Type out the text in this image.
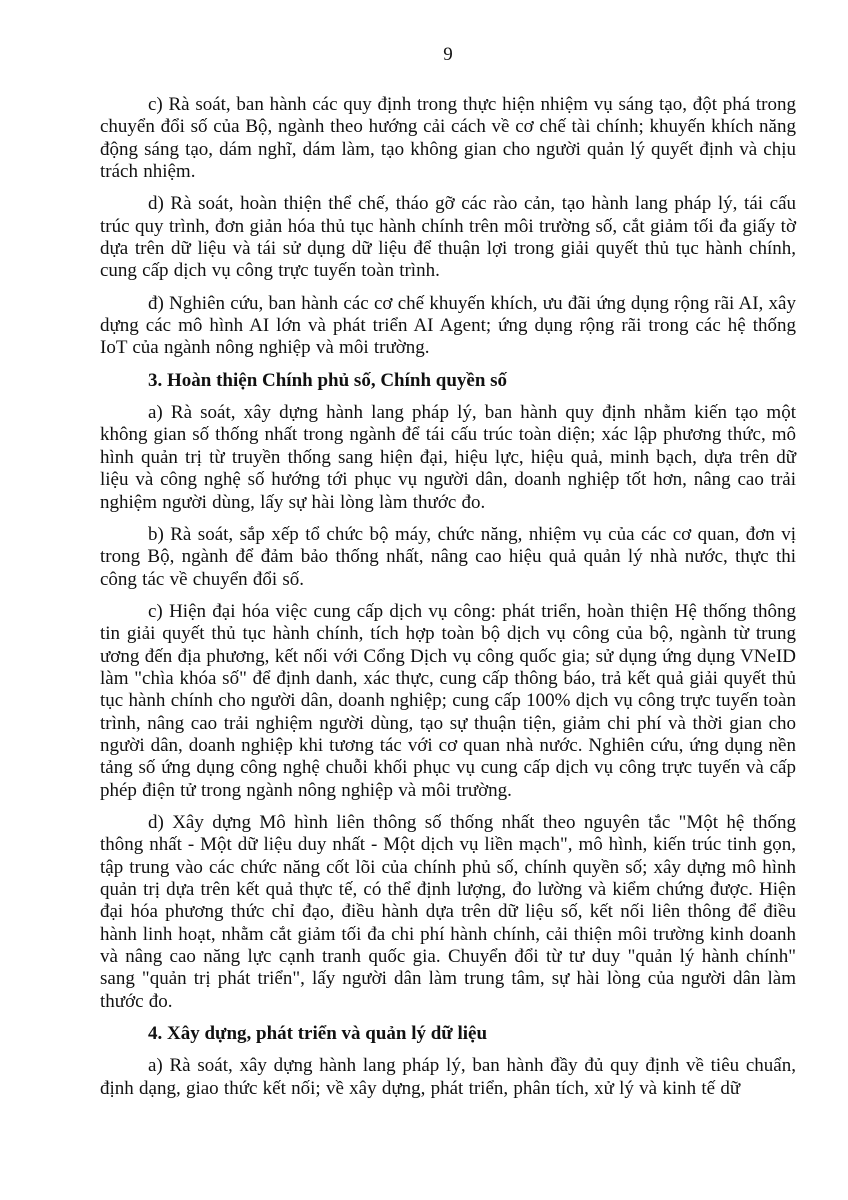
9

c) Rà soát, ban hành các quy định trong thực hiện nhiệm vụ sáng tạo, đột phá trong chuyển đổi số của Bộ, ngành theo hướng cải cách về cơ chế tài chính; khuyến khích năng động sáng tạo, dám nghĩ, dám làm, tạo không gian cho người quản lý quyết định và chịu trách nhiệm.

d) Rà soát, hoàn thiện thể chế, tháo gỡ các rào cản, tạo hành lang pháp lý, tái cấu trúc quy trình, đơn giản hóa thủ tục hành chính trên môi trường số, cắt giảm tối đa giấy tờ dựa trên dữ liệu và tái sử dụng dữ liệu để thuận lợi trong giải quyết thủ tục hành chính, cung cấp dịch vụ công trực tuyến toàn trình.

đ) Nghiên cứu, ban hành các cơ chế khuyến khích, ưu đãi ứng dụng rộng rãi AI, xây dựng các mô hình AI lớn và phát triển AI Agent; ứng dụng rộng rãi trong các hệ thống IoT của ngành nông nghiệp và môi trường.

3. Hoàn thiện Chính phủ số, Chính quyền số

a) Rà soát, xây dựng hành lang pháp lý, ban hành quy định nhằm kiến tạo một không gian số thống nhất trong ngành để tái cấu trúc toàn diện; xác lập phương thức, mô hình quản trị từ truyền thống sang hiện đại, hiệu lực, hiệu quả, minh bạch, dựa trên dữ liệu và công nghệ số hướng tới phục vụ người dân, doanh nghiệp tốt hơn, nâng cao trải nghiệm người dùng, lấy sự hài lòng làm thước đo.

b) Rà soát, sắp xếp tổ chức bộ máy, chức năng, nhiệm vụ của các cơ quan, đơn vị trong Bộ, ngành để đảm bảo thống nhất, nâng cao hiệu quả quản lý nhà nước, thực thi công tác về chuyển đổi số.

c) Hiện đại hóa việc cung cấp dịch vụ công: phát triển, hoàn thiện Hệ thống thông tin giải quyết thủ tục hành chính, tích hợp toàn bộ dịch vụ công của bộ, ngành từ trung ương đến địa phương, kết nối với Cổng Dịch vụ công quốc gia; sử dụng ứng dụng VNeID làm "chìa khóa số" để định danh, xác thực, cung cấp thông báo, trả kết quả giải quyết thủ tục hành chính cho người dân, doanh nghiệp; cung cấp 100% dịch vụ công trực tuyến toàn trình, nâng cao trải nghiệm người dùng, tạo sự thuận tiện, giảm chi phí và thời gian cho người dân, doanh nghiệp khi tương tác với cơ quan nhà nước. Nghiên cứu, ứng dụng nền tảng số ứng dụng công nghệ chuỗi khối phục vụ cung cấp dịch vụ công trực tuyến và cấp phép điện tử trong ngành nông nghiệp và môi trường.

d) Xây dựng Mô hình liên thông số thống nhất theo nguyên tắc "Một hệ thống thông nhất - Một dữ liệu duy nhất - Một dịch vụ liền mạch", mô hình, kiến trúc tinh gọn, tập trung vào các chức năng cốt lõi của chính phủ số, chính quyền số; xây dựng mô hình quản trị dựa trên kết quả thực tế, có thể định lượng, đo lường và kiểm chứng được. Hiện đại hóa phương thức chỉ đạo, điều hành dựa trên dữ liệu số, kết nối liên thông để điều hành linh hoạt, nhằm cắt giảm tối đa chi phí hành chính, cải thiện môi trường kinh doanh và nâng cao năng lực cạnh tranh quốc gia. Chuyển đổi từ tư duy "quản lý hành chính" sang "quản trị phát triển", lấy người dân làm trung tâm, sự hài lòng của người dân làm thước đo.

4. Xây dựng, phát triển và quản lý dữ liệu

a) Rà soát, xây dựng hành lang pháp lý, ban hành đầy đủ quy định về tiêu chuẩn, định dạng, giao thức kết nối; về xây dựng, phát triển, phân tích, xử lý và kinh tế dữ
